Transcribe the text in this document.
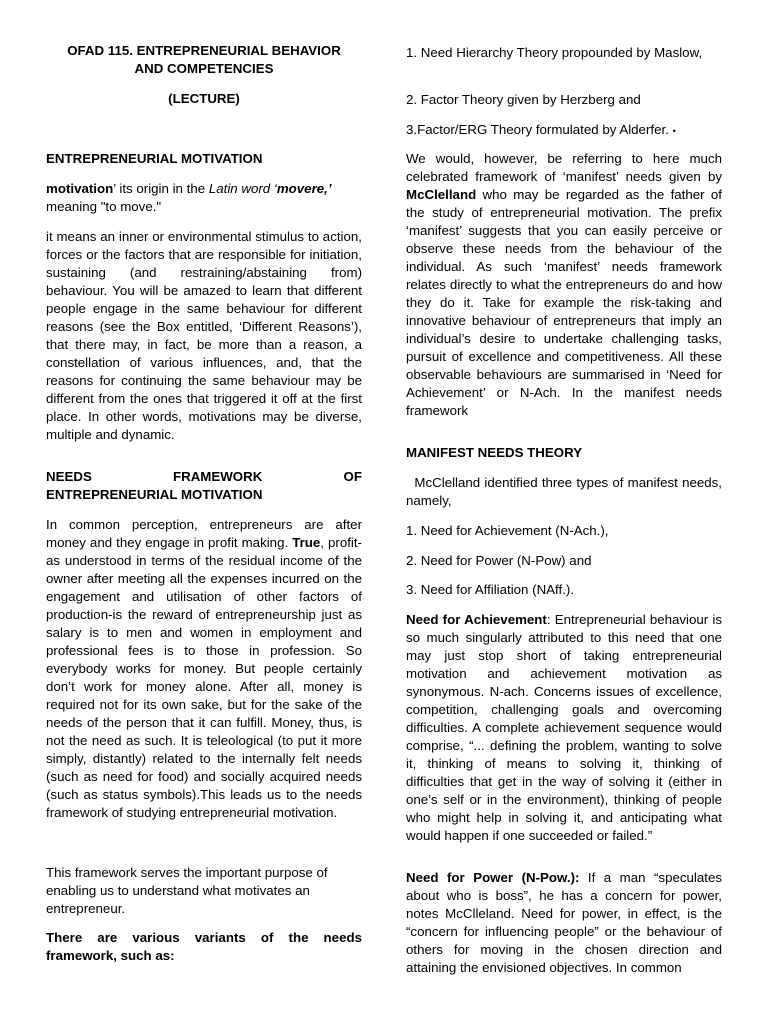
OFAD 115. ENTREPRENEURIAL BEHAVIOR
AND COMPETENCIES
(LECTURE)

ENTREPRENEURIAL MOTIVATION

motivation’ its origin in the Latin word ‘movere,’ meaning "to move."

it means an inner or environmental stimulus to action, forces or the factors that are responsible for initiation, sustaining (and restraining/abstaining from) behaviour. You will be amazed to learn that different people engage in the same behaviour for different reasons (see the Box entitled, ‘Different Reasons’), that there may, in fact, be more than a reason, a constellation of various influences, and, that the reasons for continuing the same behaviour may be different from the ones that triggered it off at the first place. In other words, motivations may be diverse, multiple and dynamic.

NEEDS	FRAMEWORK	OF
ENTREPRENEURIAL MOTIVATION

In common perception, entrepreneurs are after money and they engage in profit making. True, profit- as understood in terms of the residual income of the owner after meeting all the expenses incurred on the engagement and utilisation of other factors of production-is the reward of entrepreneurship just as salary is to men and women in employment and professional fees is to those in profession. So everybody works for money. But people certainly don’t work for money alone. After all, money is required not for its own sake, but for the sake of the needs of the person that it can fulfill. Money, thus, is not the need as such. It is teleological (to put it more simply, distantly) related to the internally felt needs (such as need for food) and socially acquired needs (such as status symbols).This leads us to the needs framework of studying entrepreneurial motivation.

This framework serves the important purpose of enabling us to understand what motivates an entrepreneur.

There are various variants of the needs framework, such as:

1. Need Hierarchy Theory propounded by Maslow,

2. Factor Theory given by Herzberg and

3.Factor/ERG Theory formulated by Alderfer. •

We would, however, be referring to here much celebrated framework of ‘manifest’ needs given by McClelland who may be regarded as the father of the study of entrepreneurial motivation. The prefix ‘manifest’ suggests that you can easily perceive or observe these needs from the behaviour of the individual. As such ‘manifest’ needs framework relates directly to what the entrepreneurs do and how they do it. Take for example the risk-taking and innovative behaviour of entrepreneurs that imply an individual’s desire to undertake challenging tasks, pursuit of excellence and competitiveness. All these observable behaviours are summarised in ‘Need for Achievement’ or N-Ach. In the manifest needs framework

MANIFEST NEEDS THEORY

McClelland identified three types of manifest needs, namely,

1. Need for Achievement (N-Ach.),

2. Need for Power (N-Pow) and

3. Need for Affiliation (NAff.).

Need for Achievement: Entrepreneurial behaviour is so much singularly attributed to this need that one may just stop short of taking entrepreneurial motivation and achievement motivation as synonymous. N-ach. Concerns issues of excellence, competition, challenging goals and overcoming difficulties. A complete achievement sequence would comprise, “... defining the problem, wanting to solve it, thinking of means to solving it, thinking of difficulties that get in the way of solving it (either in one’s self or in the environment), thinking of people who might help in solving it, and anticipating what would happen if one succeeded or failed.”

Need for Power (N-Pow.): If a man “speculates about who is boss”, he has a concern for power, notes McClleland. Need for power, in effect, is the “concern for influencing people” or the behaviour of others for moving in the chosen direction and attaining the envisioned objectives. In common
